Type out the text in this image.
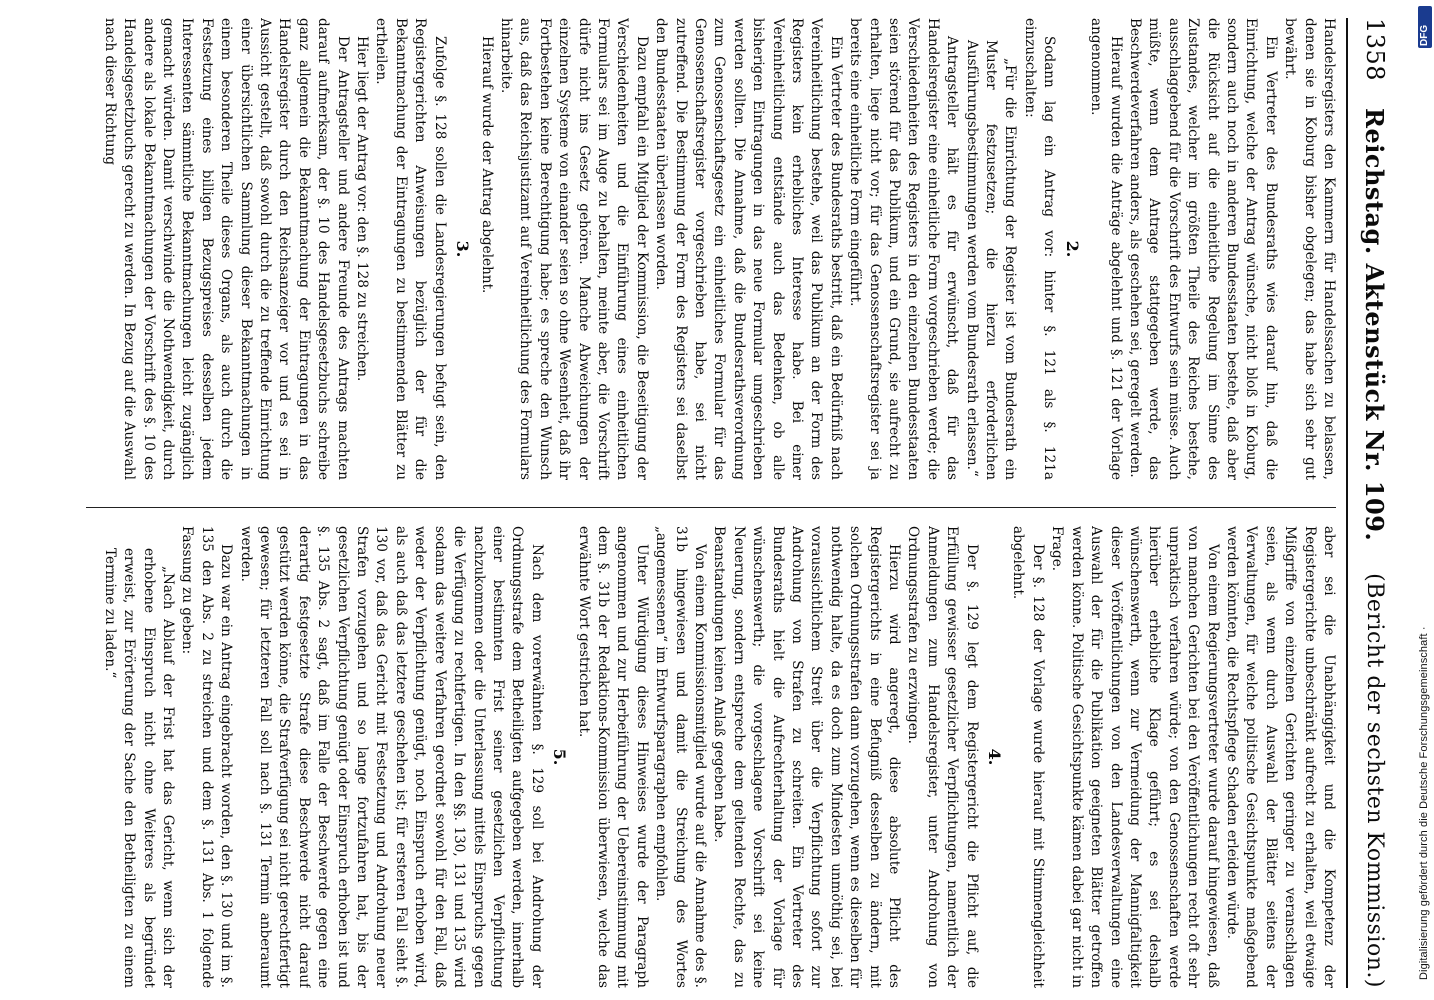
1358
Reichstag. Aktenstück Nr. 109.
(Bericht der sechsten Kommission.)

Handelsregisters den Kammern für Handelssachen zu belassen, denen sie in Koburg bisher obgelegen; das habe sich sehr gut bewährt.

Ein Vertreter des Bundesraths wies darauf hin, daß die Einrichtung, welche der Antrag wünsche, nicht bloß in Koburg, sondern auch noch in anderen Bundesstaaten bestehe, daß aber die Rücksicht auf die einheitliche Regelung im Sinne des Zustandes, welcher im größten Theile des Reiches bestehe, ausschlaggebend für die Vorschrift des Entwurfs sein müsse. Auch müßte, wenn dem Antrage stattgegeben werde, das Beschwerdeverfahren anders, als geschehen sei, geregelt werden.

Hierauf wurden die Anträge abgelehnt und §. 121 der Vorlage angenommen.

2.

Sodann lag ein Antrag vor: hinter §. 121 als §. 121a einzuschalten:

„Für die Einrichtung der Register ist vom Bundesrath ein Muster festzusetzen; die hierzu erforderlichen Ausführungsbestimmungen werden vom Bundesrath erlassen.“

Antragsteller hält es für erwünscht, daß für das Handelsregister eine einheitliche Form vorgeschrieben werde; die Verschiedenheiten des Registers in den einzelnen Bundesstaaten seien störend für das Publikum, und ein Grund, sie aufrecht zu erhalten, liege nicht vor; für das Genossenschaftsregister sei ja bereits eine einheitliche Form eingeführt.

Ein Vertreter des Bundesraths bestritt, daß ein Bedürfniß nach Vereinheitlichung bestehe, weil das Publikum an der Form des Registers kein erhebliches Interesse habe. Bei einer Vereinheitlichung entstände auch das Bedenken, ob alle bisherigen Eintragungen in das neue Formular umgeschrieben werden sollten. Die Annahme, daß die Bundesrathsverordnung zum Genossenschaftsgesetz ein einheitliches Formular für das Genossenschaftsregister vorgeschrieben habe, sei nicht zutreffend. Die Bestimmung der Form des Registers sei daselbst den Bundesstaaten überlassen worden.

Dazu empfahl ein Mitglied der Kommission, die Beseitigung der Verschiedenheiten und die Einführung eines einheitlichen Formulars sei im Auge zu behalten, meinte aber, die Vorschrift dürfe nicht ins Gesetz gehören. Manche Abweichungen der einzelnen Systeme von einander seien so ohne Wesenheit, daß ihr Fortbestehen keine Berechtigung habe; es spreche den Wunsch aus, daß das Reichsjustizamt auf Vereinheitlichung des Formulars hinarbeite.

Hierauf wurde der Antrag abgelehnt.

3.

Zufolge §. 128 sollen die Landesregierungen befugt sein, den Registergerichten Anweisungen bezüglich der für die Bekanntmachung der Eintragungen zu bestimmenden Blätter zu ertheilen.

Hier liegt der Antrag vor: den §. 128 zu streichen.

Der Antragsteller und andere Freunde des Antrags machten darauf aufmerksam, der §. 10 des Handelsgesetzbuchs schreibe ganz allgemein die Bekanntmachung der Eintragungen in das Handelsregister durch den Reichsanzeiger vor und es sei in Aussicht gestellt, daß sowohl durch die zu treffende Einrichtung einer übersichtlichen Sammlung dieser Bekanntmachungen in einem besonderen Theile dieses Organs, als auch durch die Festsetzung eines billigen Bezugspreises desselben jedem Interessenten sämmtliche Bekanntmachungen leicht zugänglich gemacht würden. Damit verschwinde die Nothwendigkeit, durch andere als lokale Bekanntmachungen der Vorschrift des §. 10 des Handelsgesetzbuchs gerecht zu werden. In Bezug auf die Auswahl nach dieser Richtung

aber sei die Unabhängigkeit und die Kompetenz der Registergerichte unbeschränkt aufrecht zu erhalten, weil etwaige Mißgriffe von einzelnen Gerichten geringer zu veranschlagen seien, als wenn durch Auswahl der Blätter seitens der Verwaltungen, für welche politische Gesichtspunkte maßgebend werden könnten, die Rechtspflege Schaden erleiden würde.

Von einem Regierungsvertreter wurde darauf hingewiesen, daß von manchen Gerichten bei den Veröffentlichungen recht oft sehr unpraktisch verfahren würde; von den Genossenschaften werde hierüber erhebliche Klage geführt; es sei deshalb wünschenswerth, wenn zur Vermeidung der Mannigfaltigkeit dieser Veröffentlichungen von den Landesverwaltungen eine Auswahl der für die Publikation geeigneten Blätter getroffen werden könne. Politische Gesichtspunkte kämen dabei gar nicht in Frage.

Der §. 128 der Vorlage wurde hierauf mit Stimmengleichheit abgelehnt.

4.

Der §. 129 legt dem Registergericht die Pflicht auf, die Erfüllung gewisser gesetzlicher Verpflichtungen, namentlich der Anmeldungen zum Handelsregister, unter Androhung von Ordnungsstrafen zu erzwingen.

Hierzu wird angeregt, diese absolute Pflicht des Registergerichts in eine Befugniß desselben zu ändern, mit solchen Ordnungsstrafen dann vorzugehen, wenn es dieselben für nothwendig halte, da es doch zum Mindesten unmöthig sei, bei voraussichtlichem Streit über die Verpflichtung sofort zur Androhung von Strafen zu schreiten. Ein Vertreter des Bundesraths hielt die Aufrechterhaltung der Vorlage für wünschenswerth; die vorgeschlagene Vorschrift sei keine Neuerung, sondern entspreche dem geltenden Rechte, das zu Beanstandungen keinen Anlaß gegeben habe.

Von einem Kommissionsmitglied wurde auf die Annahme des §. 31b hingewiesen und damit die Streichung des Wortes „angemessenen“ im Entwurfsparagraphen empfohlen.

Unter Würdigung dieses Hinweises wurde der Paragraph angenommen und zur Herbeiführung der Uebereinstimmung mit dem §. 31b der Redaktions-Kommission überwiesen, welche das erwähnte Wort gestrichen hat.

5.

Nach dem vorerwähnten §. 129 soll bei Androhung der Ordnungsstrafe dem Betheiligten aufgegeben werden, innerhalb einer bestimmten Frist seiner gesetzlichen Verpflichtung nachzukommen oder die Unterlassung mittels Einspruchs gegen die Verfügung zu rechtfertigen. In den §§. 130, 131 und 135 wird sodann das weitere Verfahren geordnet sowohl für den Fall, daß weder der Verpflichtung genügt, noch Einspruch erhoben wird, als auch daß das letztere geschehen ist; für ersteren Fall sieht §. 130 vor, daß das Gericht mit Festsetzung und Androhung neuer Strafen vorzugehen und so lange fortzufahren hat, bis der gesetzlichen Verpflichtung genügt oder Einspruch erhoben ist und §. 135 Abs. 2 sagt, daß im Falle der Beschwerde gegen eine derartig festgesetzte Strafe diese Beschwerde nicht darauf gestützt werden könne, die Strafverfügung sei nicht gerechtfertigt gewesen; für letzteren Fall soll nach §. 131 Termin anberaumt werden.

Dazu war ein Antrag eingebracht worden, den §. 130 und im §. 135 den Abs. 2 zu streichen und dem §. 131 Abs. 1 folgende Fassung zu geben:

„Nach Ablauf der Frist hat das Gericht, wenn sich der erhobene Einspruch nicht ohne Weiteres als begründet erweist, zur Erörterung der Sache den Betheiligten zu einem Termine zu laden.“

DFG
Digitalisierung gefördert durch die Deutsche Forschungsgemeinschaft ·
